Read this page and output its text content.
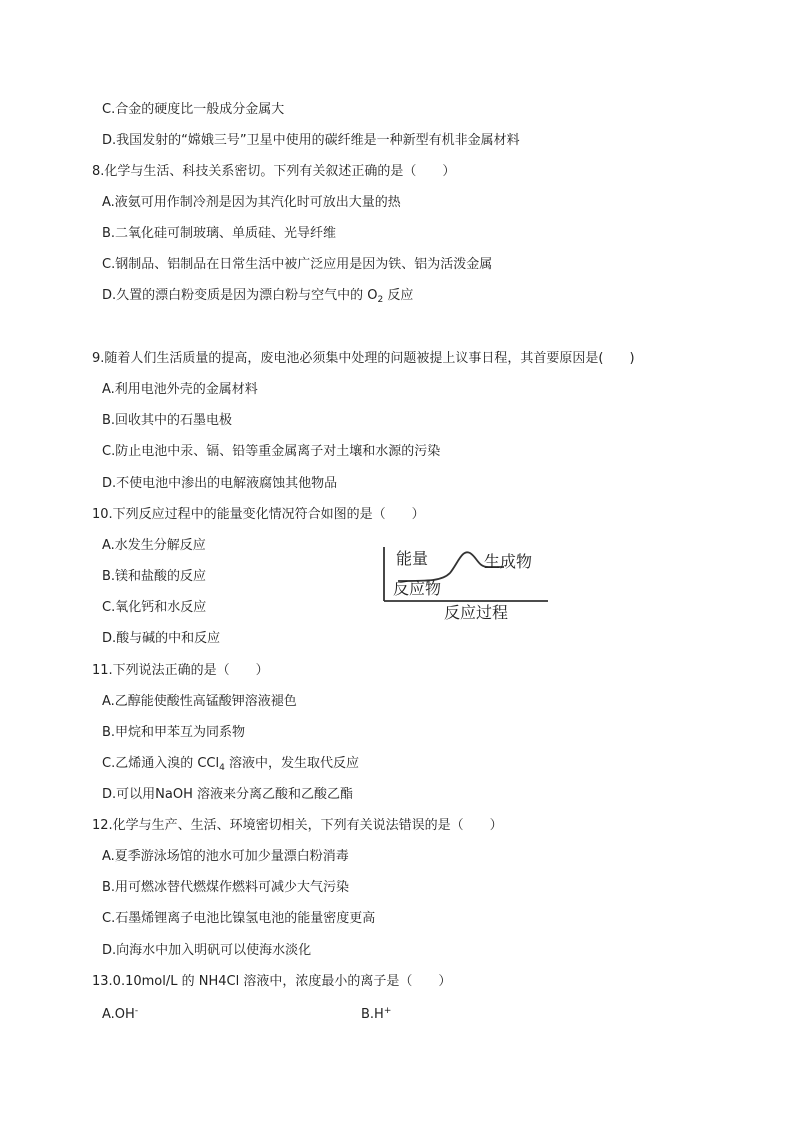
C.合金的硬度比一般成分金属大
D.我国发射的“嫦娥三号”卫星中使用的碳纤维是一种新型有机非金属材料
8.化学与生活、科技关系密切。下列有关叙述正确的是（　　）
A.液氨可用作制冷剂是因为其汽化时可放出大量的热
B.二氧化硅可制玻璃、单质硅、光导纤维
C.钢制品、铝制品在日常生活中被广泛应用是因为铁、铝为活泼金属
D.久置的漂白粉变质是因为漂白粉与空气中的 $O_2$ 反应
9.随着人们生活质量的提高，废电池必须集中处理的问题被提上议事日程，其首要原因是(　　)
A.利用电池外壳的金属材料
B.回收其中的石墨电极
C.防止电池中汞、镉、铅等重金属离子对土壤和水源的污染
D.不使电池中渗出的电解液腐蚀其他物品
10.下列反应过程中的能量变化情况符合如图的是（　　）
A.水发生分解反应
B.镁和盐酸的反应
C.氧化钙和水反应
D.酸与碱的中和反应
能量	生成物
反应物
反应过程
11.下列说法正确的是（　　）
A.乙醇能使酸性高锰酸钾溶液褪色
B.甲烷和甲苯互为同系物
C.乙烯通入溴的 CCl$_4$ 溶液中，发生取代反应
D.可以用NaOH 溶液来分离乙酸和乙酸乙酯
12.化学与生产、生活、环境密切相关，下列有关说法错误的是（　　）
A.夏季游泳场馆的池水可加少量漂白粉消毒
B.用可燃冰替代燃煤作燃料可减少大气污染
C.石墨烯锂离子电池比镍氢电池的能量密度更高
D.向海水中加入明矾可以使海水淡化
13.0.10mol/L 的 NH4Cl 溶液中，浓度最小的离子是（　　）
A.OH-	B.H+
